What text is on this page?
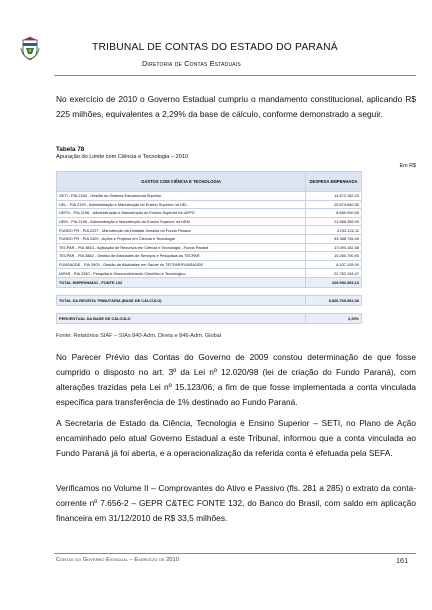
TRIBUNAL DE CONTAS DO ESTADO DO PARANÁ
Diretoria de Contas Estaduais

No exercício de 2010 o Governo Estadual cumpriu o mandamento constitucional, aplicando R$ 225 milhões, equivalentes a 2,29% da base de cálculo, conforme demonstrado a seguir.

Tabela 78
Apuração do Limite com Ciência e Tecnologia – 2010
Em R$
GASTOS COM CIÊNCIA E TECNOLOGIA	DESPESA EMPENHADA
SETI - PIA 2183 - Gestão do Sistema Educacional Superior	14.872.152,23
UEL - PIA 2193 - Administração e Manutenção do Ensino Superior na UEL	25.674.840,30
UEPG - PIA 2196 - Administração e Manutenção do Ensino Superior na UEPG	8.850.000,00
UEM - PIA 2198 - Administração e Manutenção do Ensino Superior na UEM	21.588.355,90
FUNDO PR - PIA 2227 - Manutenção da Unidade Gestora do Fundo Paraná	3.193.122,11
FUNDO PR - PIA 2429 - Ações e Projetos em Ciência e Tecnologia	93.388.726,49
TECPAR - PIA 3843 - Aplicação de Recursos em Ciência e Tecnologia - Fundo Paraná	17.093.152,58
TECPAR - PIA 3882 - Gestão de Atividades de Serviços e Pesquisas do TECPAR	10.260.700,90
FUNSAÚDE - PIA 3903 - Gestão de Atividades em Saúde do TECPAR/FUNSAÚDE	8.437.128,00
IAPAR - PIA 2330 - Pesquisa e Desenvolvimento Científico e Tecnológico	22.762.194,47
TOTAL EMPENHADO - FONTE 132	225.992.369,13

TOTAL DA RECEITA TRIBUTÁRIA (BASE DE CÁLCULO)	9.826.765.962,36

PERCENTUAL DA BASE DE CÁLCULO	2,29%
Fonte: Relatórios SIAF – SIAs 840-Adm. Direta e 846-Adm. Global

No Parecer Prévio das Contas do Governo de 2009 constou determinação de que fosse cumprido o disposto no art. 3º da Lei nº 12.020/98 (lei de criação do Fundo Paraná), com alterações trazidas pela Lei nº 15.123/06, a fim de que fosse implementada a conta vinculada específica para transferência de 1% destinado ao Fundo Paraná.

A Secretaria de Estado da Ciência, Tecnologia e Ensino Superior – SETI, no Plano de Ação encaminhado pelo atual Governo Estadual a este Tribunal, informou que a conta vinculada ao Fundo Paraná já foi aberta, e a operacionalização da referida conta é efetuada pela SEFA.

Verificamos no Volume II – Comprovantes do Ativo e Passivo (fls. 281 a 285) o extrato da conta-corrente nº 7.656-2 – GEPR C&TEC FONTE 132, do Banco do Brasil, com saldo em aplicação financeira em 31/12/2010 de R$ 33,5 milhões.

Contas do Governo Estadual – Exercício de 2010	161
